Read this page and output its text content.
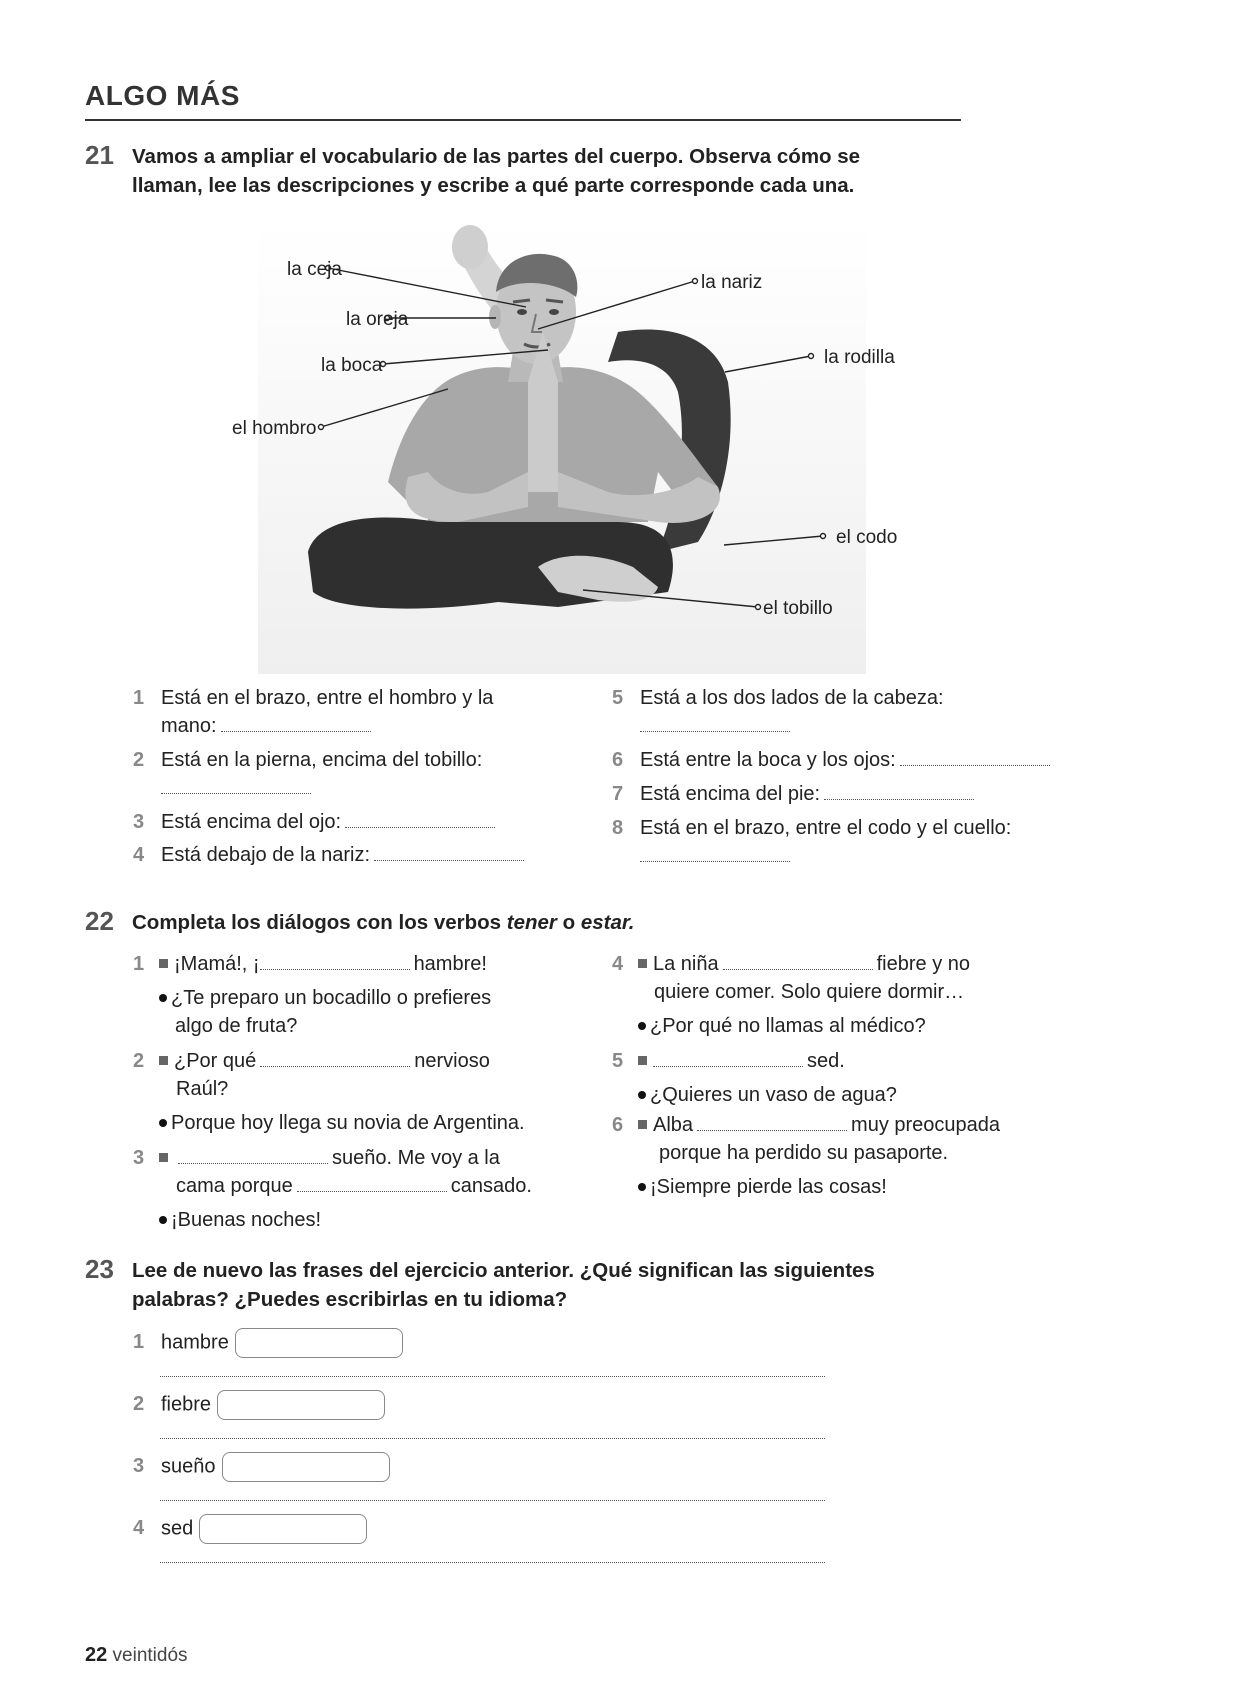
ALGO MÁS
21 Vamos a ampliar el vocabulario de las partes del cuerpo. Observa cómo se
llaman, lee las descripciones y escribe a qué parte corresponde cada una.
la ceja
la oreja
la boca
el hombro
la nariz
la rodilla
el codo
el tobillo
1 Está en el brazo, entre el hombro y la
mano:
2 Está en la pierna, encima del tobillo:
3 Está encima del ojo:
4 Está debajo de la nariz:
5 Está a los dos lados de la cabeza:
6 Está entre la boca y los ojos:
7 Está encima del pie:
8 Está en el brazo, entre el codo y el cuello:
22 Completa los diálogos con los verbos tener o estar.
1	¡Mamá!, ¡	hambre!
¿Te preparo un bocadillo o prefieres
algo de fruta?
2	¿Por qué	nervioso
Raúl?
Porque hoy llega su novia de Argentina.
3	sueño. Me voy a la
cama porque	cansado.
¡Buenas noches!
4	La niña	fiebre y no
quiere comer. Solo quiere dormir…
¿Por qué no llamas al médico?
5	sed.
¿Quieres un vaso de agua?
6	Alba	muy preocupada
porque ha perdido su pasaporte.
¡Siempre pierde las cosas!
23 Lee de nuevo las frases del ejercicio anterior. ¿Qué significan las siguientes
palabras? ¿Puedes escribirlas en tu idioma?
1 hambre
2 fiebre
3 sueño
4 sed
22 veintidós
